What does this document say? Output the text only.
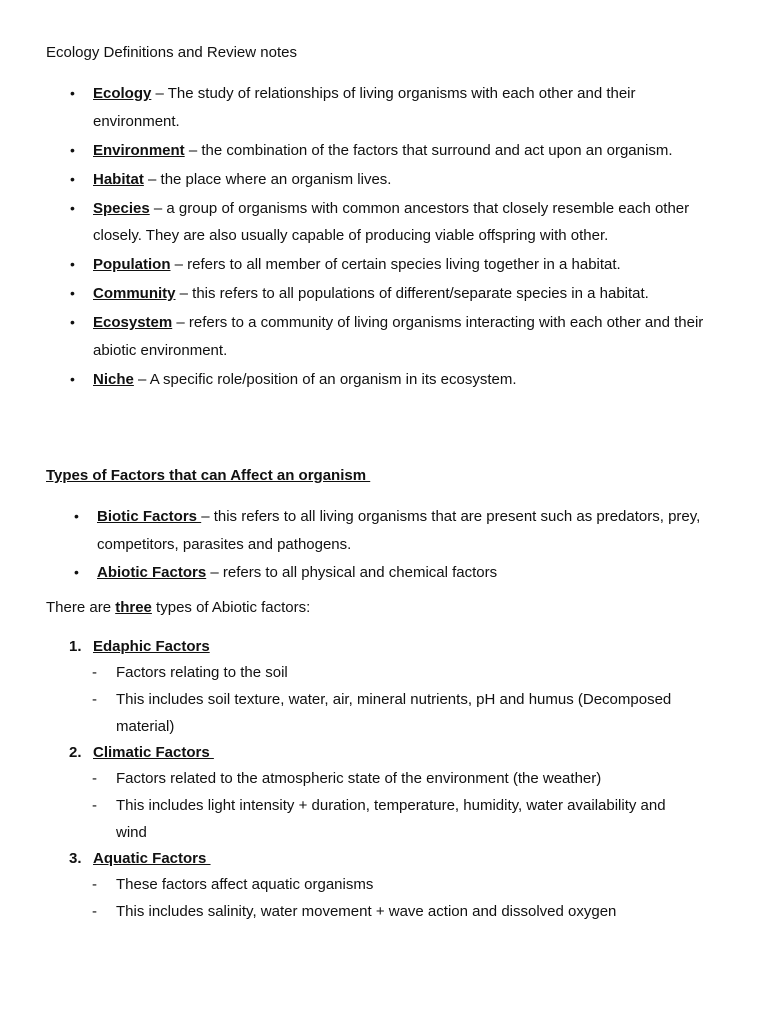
Ecology Definitions and Review notes
• Ecology – The study of relationships of living organisms with each other and their environment.
• Environment – the combination of the factors that surround and act upon an organism.
• Habitat – the place where an organism lives.
• Species – a group of organisms with common ancestors that closely resemble each other closely. They are also usually capable of producing viable offspring with other.
• Population – refers to all member of certain species living together in a habitat.
• Community – this refers to all populations of different/separate species in a habitat.
• Ecosystem – refers to a community of living organisms interacting with each other and their abiotic environment.
• Niche – A specific role/position of an organism in its ecosystem.
Types of Factors that can Affect an organism
• Biotic Factors – this refers to all living organisms that are present such as predators, prey, competitors, parasites and pathogens.
• Abiotic Factors – refers to all physical and chemical factors
There are three types of Abiotic factors:
1. Edaphic Factors
- Factors relating to the soil
- This includes soil texture, water, air, mineral nutrients, pH and humus (Decomposed material)
2. Climatic Factors
- Factors related to the atmospheric state of the environment (the weather)
- This includes light intensity + duration, temperature, humidity, water availability and wind
3. Aquatic Factors
- These factors affect aquatic organisms
- This includes salinity, water movement + wave action and dissolved oxygen
